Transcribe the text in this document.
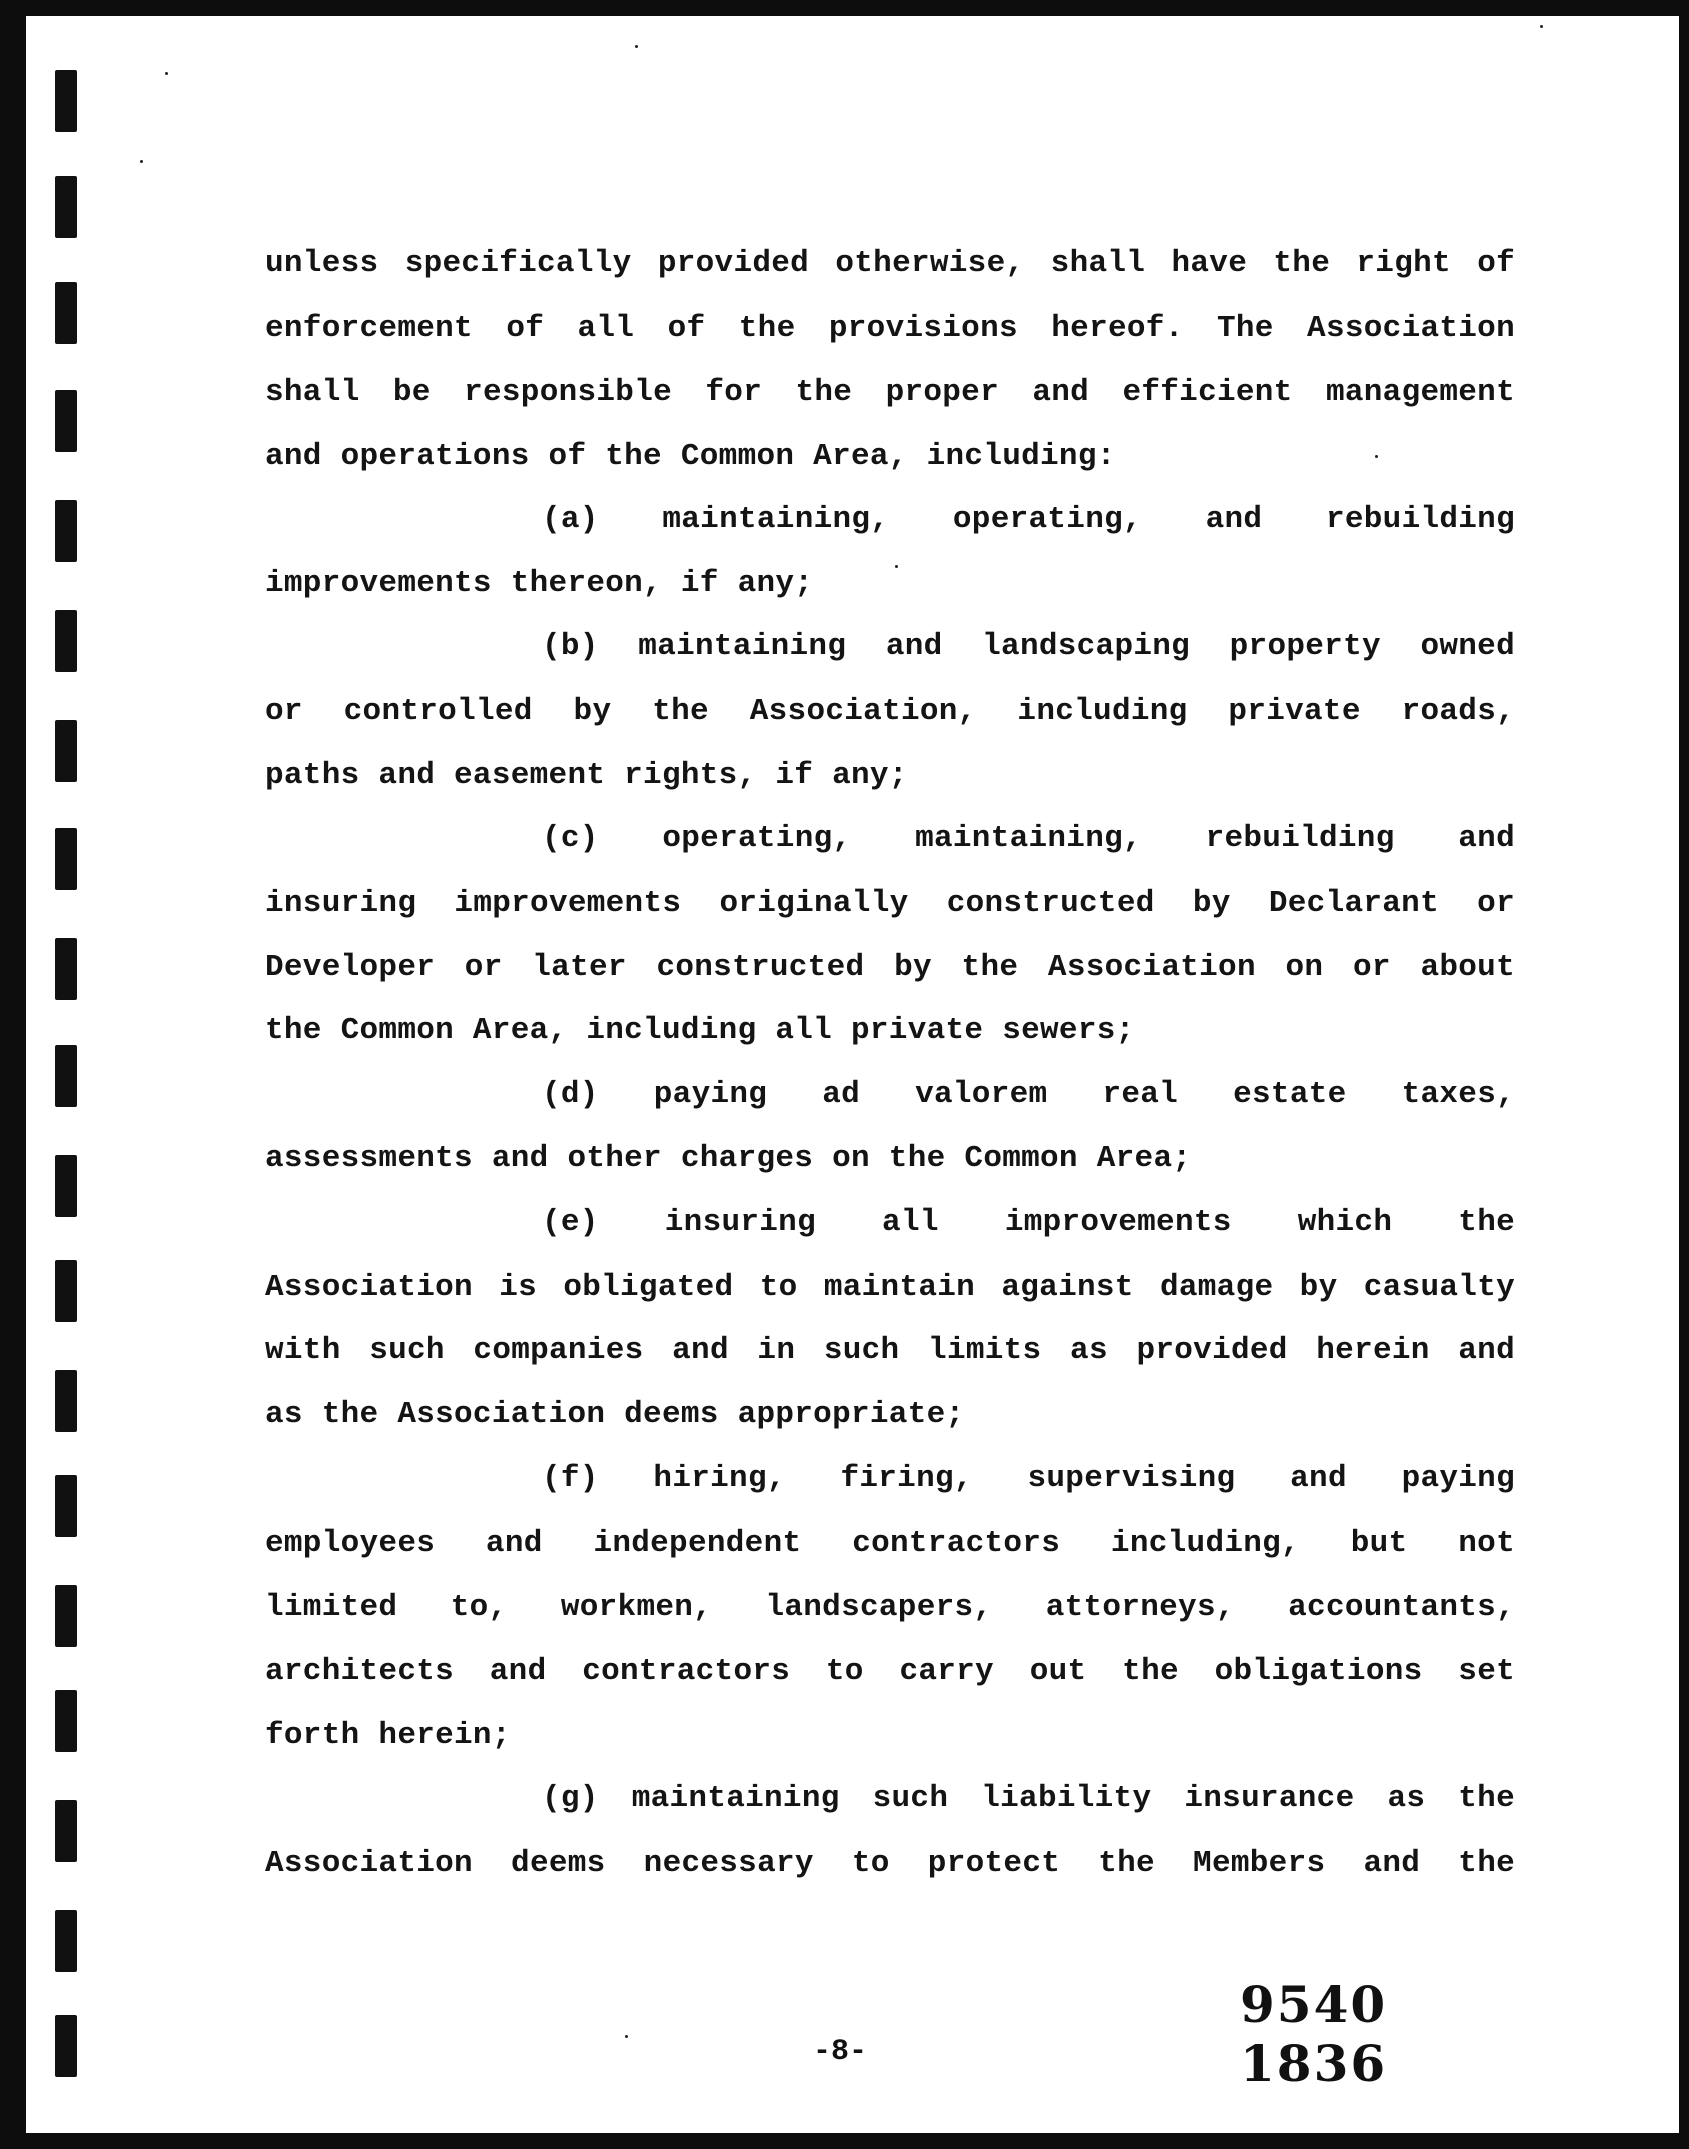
unless specifically provided otherwise, shall have the right of
enforcement of all of the provisions hereof. The Association
shall be responsible for the proper and efficient management
and operations of the Common Area, including:
(a) maintaining, operating, and rebuilding
improvements thereon, if any;
(b) maintaining and landscaping property owned
or controlled by the Association, including private roads,
paths and easement rights, if any;
(c) operating, maintaining, rebuilding and
insuring improvements originally constructed by Declarant or
Developer or later constructed by the Association on or about
the Common Area, including all private sewers;
(d) paying ad valorem real estate taxes,
assessments and other charges on the Common Area;
(e) insuring all improvements which the
Association is obligated to maintain against damage by casualty
with such companies and in such limits as provided herein and
as the Association deems appropriate;
(f) hiring, firing, supervising and paying
employees and independent contractors including, but not
limited to, workmen, landscapers, attorneys, accountants,
architects and contractors to carry out the obligations set
forth herein;
(g) maintaining such liability insurance as the
Association deems necessary to protect the Members and the
9540 1836
-8-
